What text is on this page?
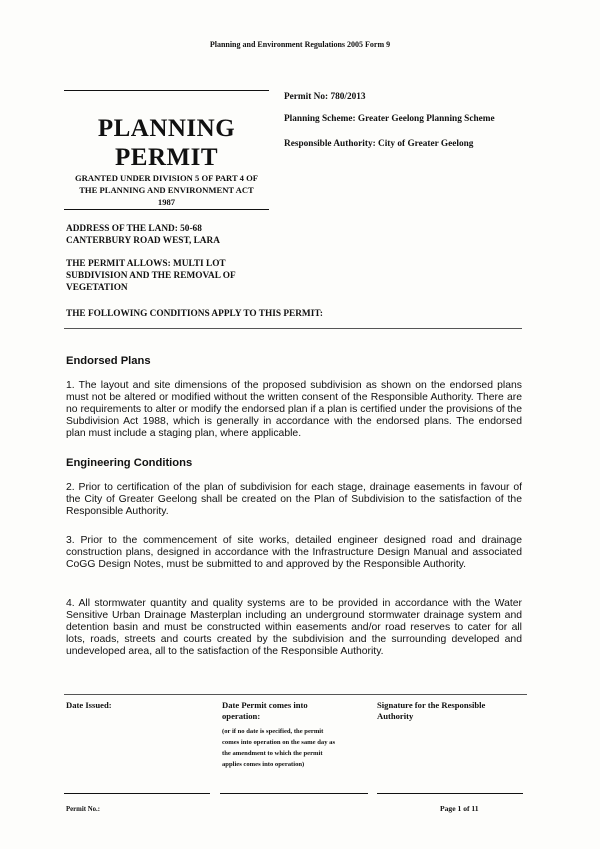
Planning and Environment Regulations 2005 Form 9
PLANNING
PERMIT
GRANTED UNDER DIVISION 5 OF PART 4 OF
THE PLANNING AND ENVIRONMENT ACT
1987
Permit No: 780/2013
Planning Scheme: Greater Geelong Planning Scheme
Responsible Authority: City of Greater Geelong
ADDRESS OF THE LAND: 50-68
CANTERBURY ROAD WEST, LARA
THE PERMIT ALLOWS: MULTI LOT
SUBDIVISION AND THE REMOVAL OF
VEGETATION
THE FOLLOWING CONDITIONS APPLY TO THIS PERMIT:
Endorsed Plans

1. The layout and site dimensions of the proposed subdivision as shown on the endorsed plans must not be altered or modified without the written consent of the Responsible Authority. There are no requirements to alter or modify the endorsed plan if a plan is certified under the provisions of the Subdivision Act 1988, which is generally in accordance with the endorsed plans. The endorsed plan must include a staging plan, where applicable.

Engineering Conditions

2. Prior to certification of the plan of subdivision for each stage, drainage easements in favour of the City of Greater Geelong shall be created on the Plan of Subdivision to the satisfaction of the Responsible Authority.

3. Prior to the commencement of site works, detailed engineer designed road and drainage construction plans, designed in accordance with the Infrastructure Design Manual and associated CoGG Design Notes, must be submitted to and approved by the Responsible Authority.

4. All stormwater quantity and quality systems are to be provided in accordance with the Water Sensitive Urban Drainage Masterplan including an underground stormwater drainage system and detention basin and must be constructed within easements and/or road reserves to cater for all lots, roads, streets and courts created by the subdivision and the surrounding developed and undeveloped area, all to the satisfaction of the Responsible Authority.

Date Issued:	Date Permit comes into
operation:
(or if no date is specified, the permit
comes into operation on the same day as
the amendment to which the permit
applies comes into operation)
Signature for the Responsible
Authority
Permit No.:	Page 1 of 11
